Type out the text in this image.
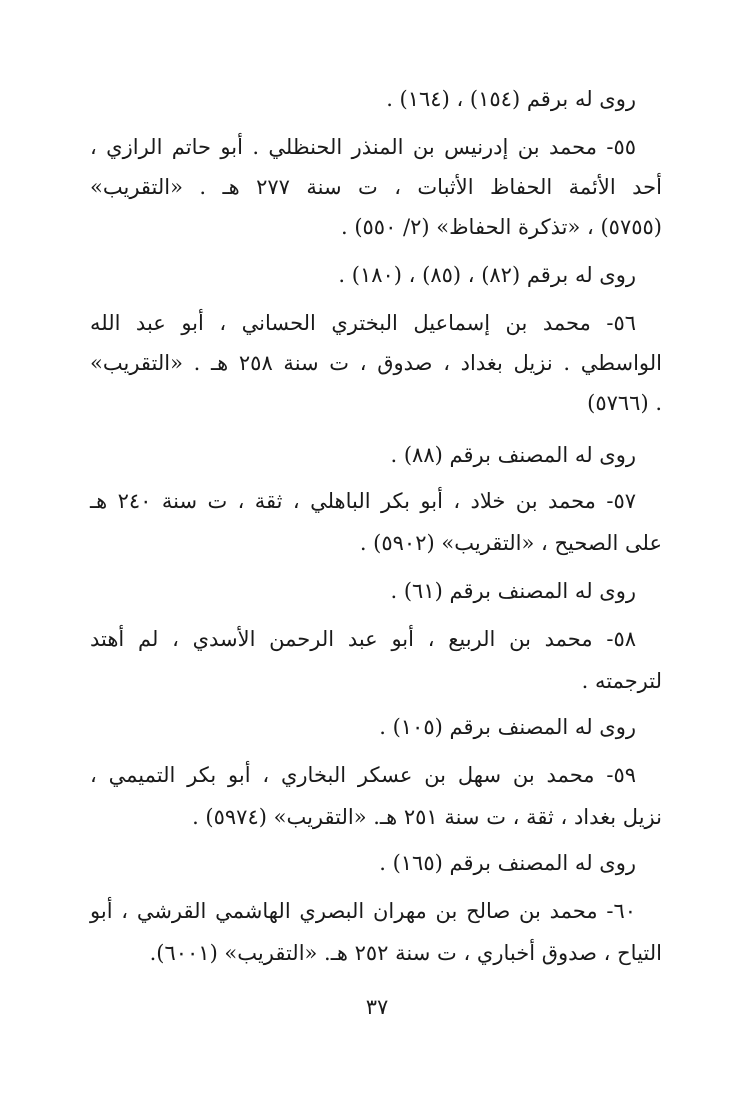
روى له برقم (١٥٤) ، (١٦٤) .
٥٥- محمد بن إدرنيس بن المنذر الحنظلي . أبو حاتم الرازي ،
أحد الأئمة الحفاظ الأثبات ، ت سنة ٢٧٧ هـ . «التقريب»
(٥٧٥٥) ، «تذكرة الحفاظ» (٢/ ٥٥٠) .
روى له برقم (٨٢) ، (٨٥) ، (١٨٠) .
٥٦- محمد بن إسماعيل البختري الحساني ، أبو عبد الله
الواسطي . نزيل بغداد ، صدوق ، ت سنة ٢٥٨ هـ . «التقريب»
(٥٧٦٦) .
روى له المصنف برقم (٨٨) .
٥٧- محمد بن خلاد ، أبو بكر الباهلي ، ثقة ، ت سنة ٢٤٠ هـ
على الصحيح ، «التقريب» (٥٩٠٢) .
روى له المصنف برقم (٦١) .
٥٨- محمد بن الربيع ، أبو عبد الرحمن الأسدي ، لم أهتد
لترجمته .
روى له المصنف برقم (١٠٥) .
٥٩- محمد بن سهل بن عسكر البخاري ، أبو بكر التميمي ،
نزيل بغداد ، ثقة ، ت سنة ٢٥١ هـ. «التقريب» (٥٩٧٤) .
روى له المصنف برقم (١٦٥) .
٦٠- محمد بن صالح بن مهران البصري الهاشمي القرشي ، أبو
التياح ، صدوق أخباري ، ت سنة ٢٥٢ هـ. «التقريب» (٦٠٠١).
٣٧
